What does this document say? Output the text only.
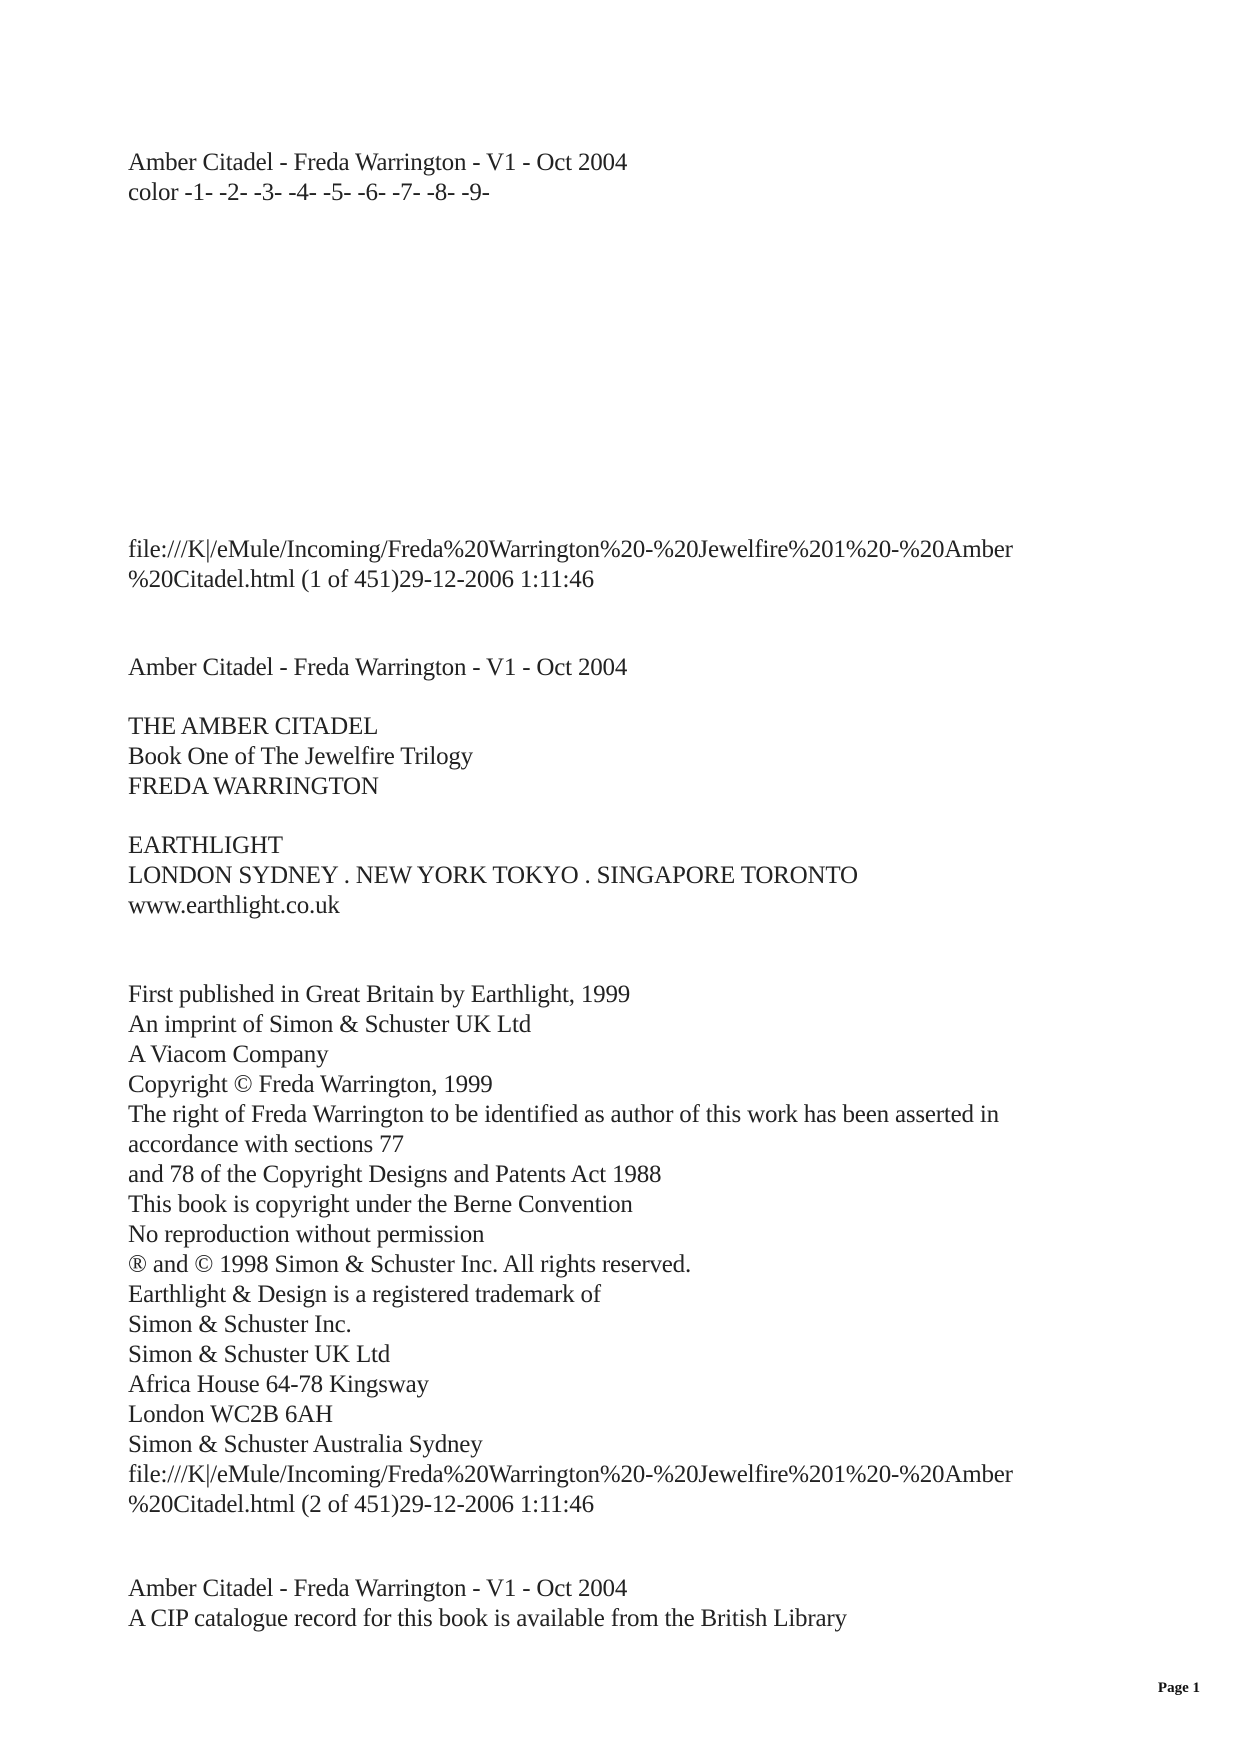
Amber Citadel - Freda Warrington - V1 - Oct 2004
color -1- -2- -3- -4- -5- -6- -7- -8- -9-
file:///K|/eMule/Incoming/Freda%20Warrington%20-%20Jewelfire%201%20-%20Amber
%20Citadel.html (1 of 451)29-12-2006 1:11:46
Amber Citadel - Freda Warrington - V1 - Oct 2004
THE AMBER CITADEL
Book One of The Jewelfire Trilogy
FREDA WARRINGTON
EARTHLIGHT
LONDON SYDNEY . NEW YORK TOKYO . SINGAPORE TORONTO
www.earthlight.co.uk
First published in Great Britain by Earthlight, 1999
An imprint of Simon & Schuster UK Ltd
A Viacom Company
Copyright © Freda Warrington, 1999
The right of Freda Warrington to be identified as author of this work has been asserted in
accordance with sections 77
and 78 of the Copyright Designs and Patents Act 1988
This book is copyright under the Berne Convention
No reproduction without permission
® and © 1998 Simon & Schuster Inc. All rights reserved.
Earthlight & Design is a registered trademark of
Simon & Schuster Inc.
Simon & Schuster UK Ltd
Africa House 64-78 Kingsway
London WC2B 6AH
Simon & Schuster Australia Sydney
file:///K|/eMule/Incoming/Freda%20Warrington%20-%20Jewelfire%201%20-%20Amber
%20Citadel.html (2 of 451)29-12-2006 1:11:46
Amber Citadel - Freda Warrington - V1 - Oct 2004
A CIP catalogue record for this book is available from the British Library
Page 1
